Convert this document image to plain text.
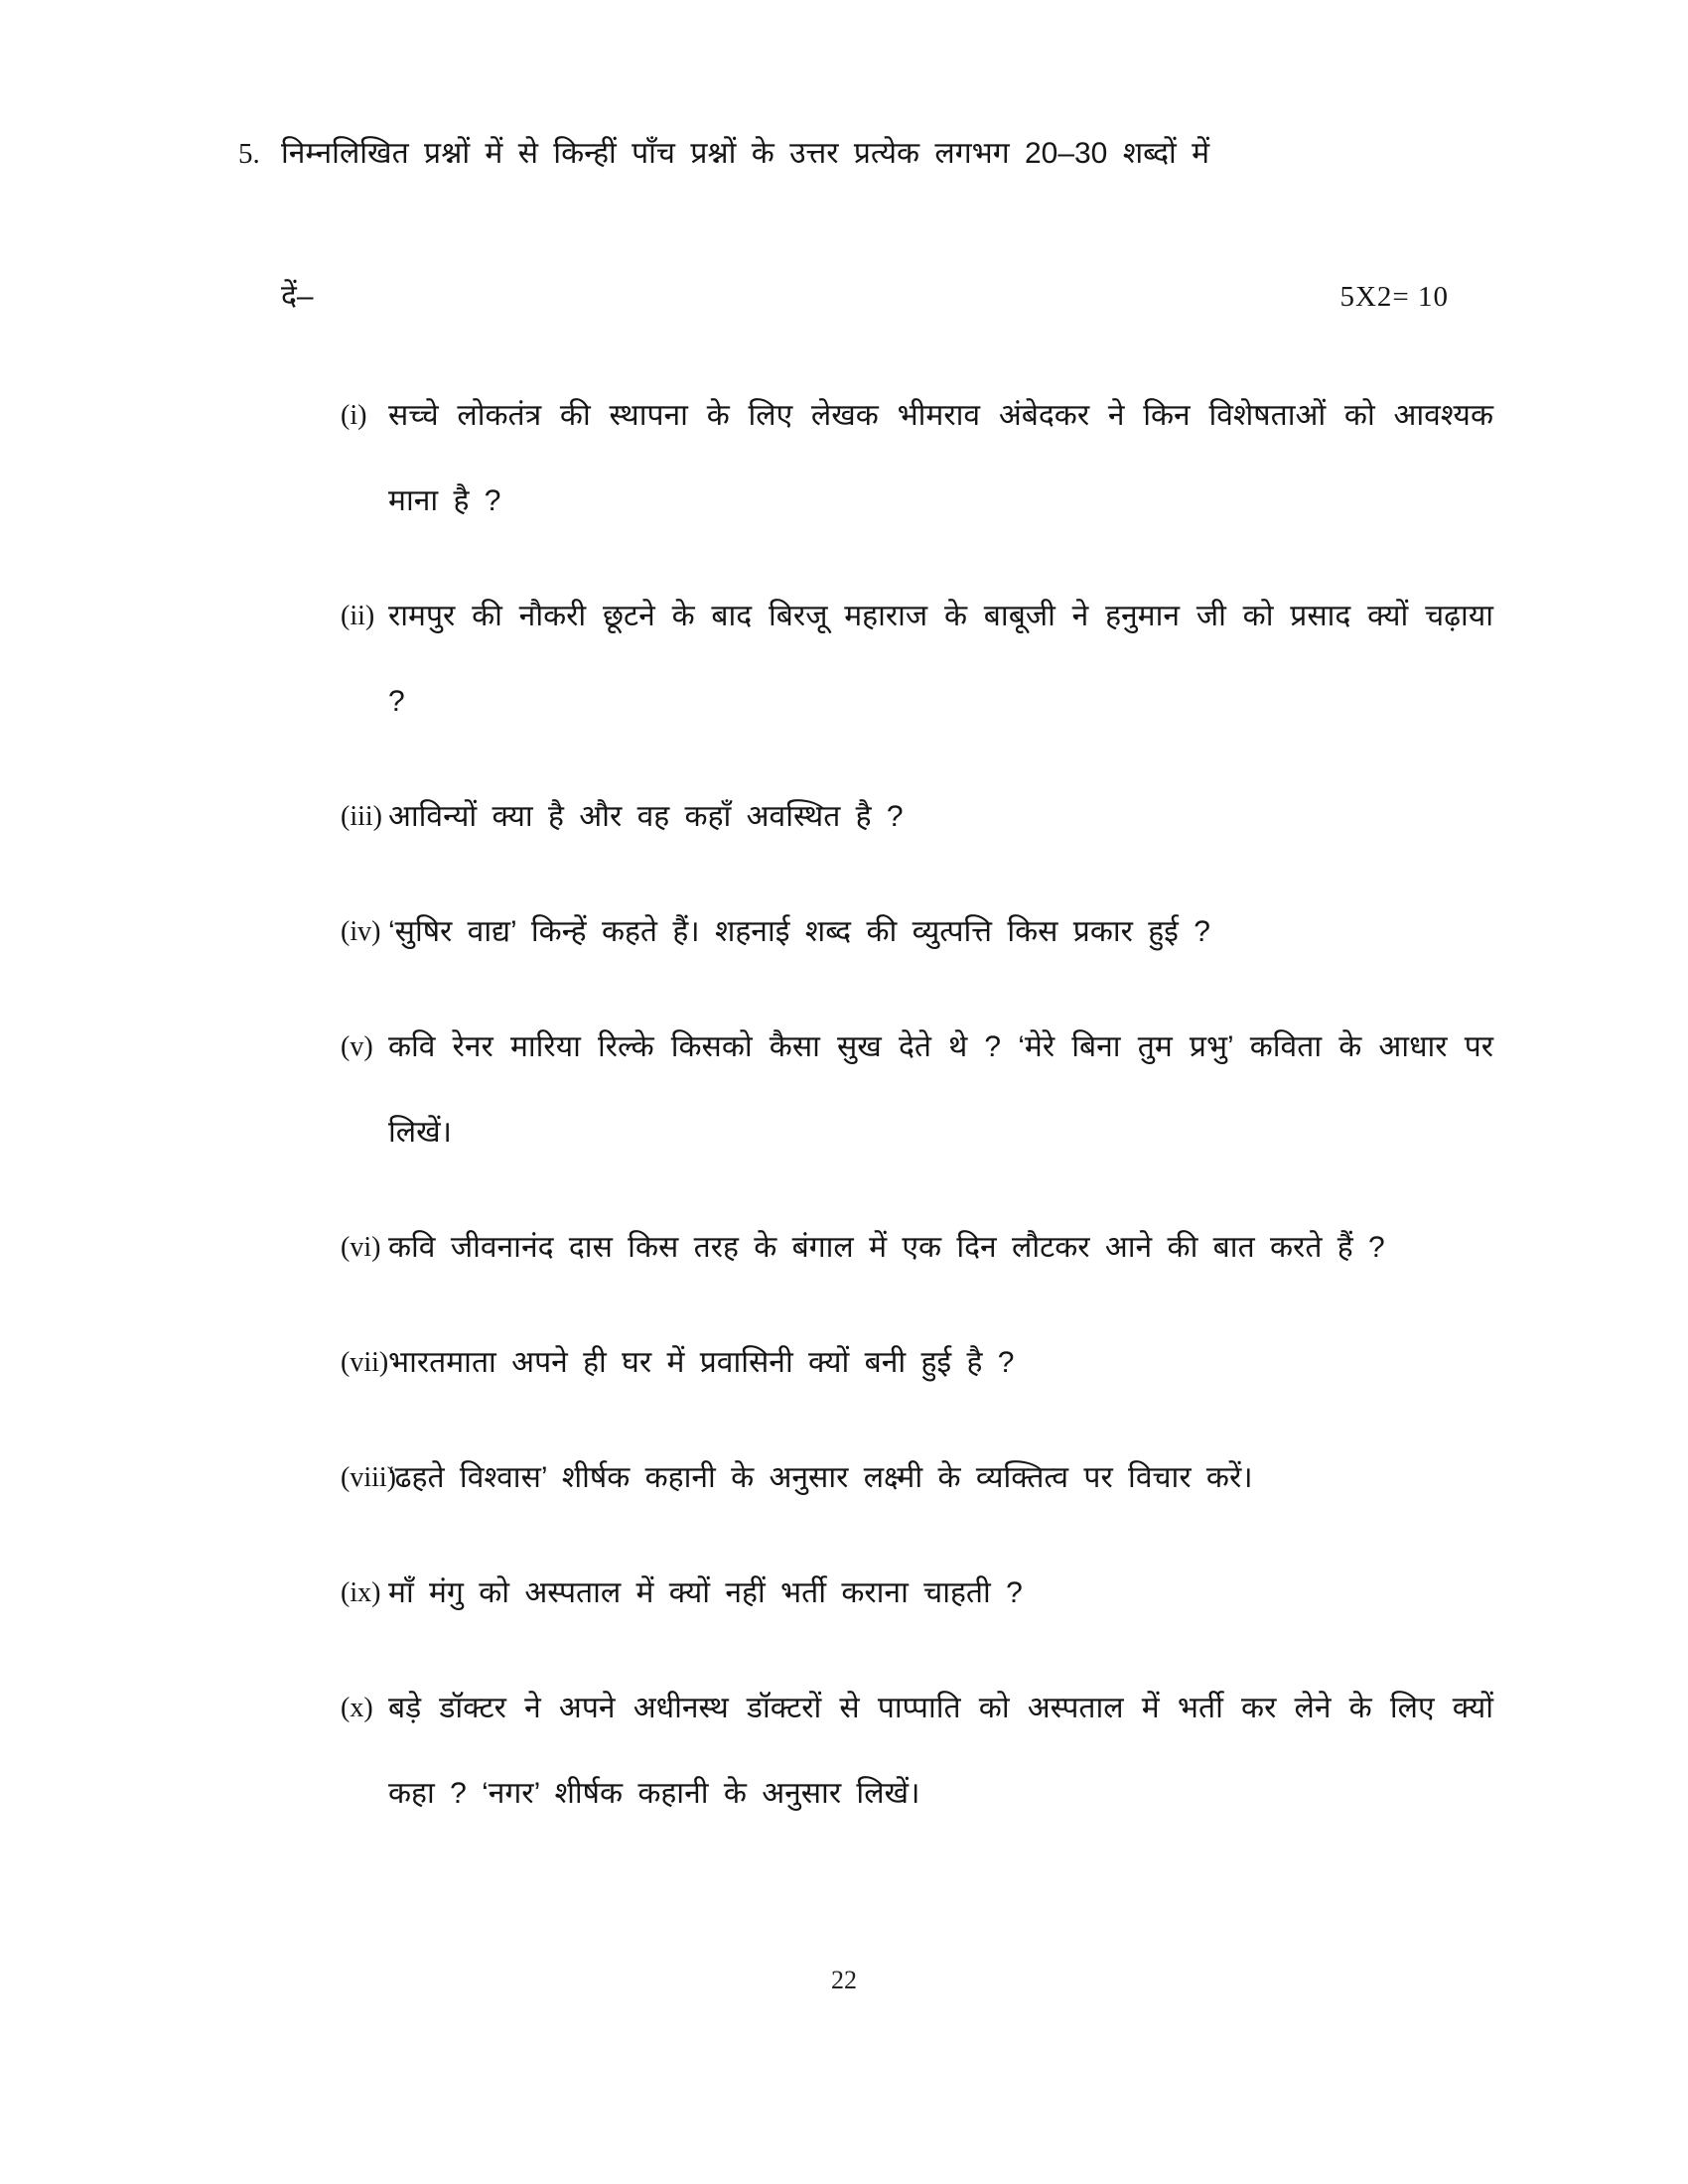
5. निम्नलिखित प्रश्नों में से किन्हीं पाँच प्रश्नों के उत्तर प्रत्येक लगभग 20–30 शब्दों में
दें–	5X2= 10
(i) सच्चे लोकतंत्र की स्थापना के लिए लेखक भीमराव अंबेदकर ने किन विशेषताओं को आवश्यक माना है ?
(ii) रामपुर की नौकरी छूटने के बाद बिरजू महाराज के बाबूजी ने हनुमान जी को प्रसाद क्यों चढ़ाया ?
(iii) आविन्यों क्या है और वह कहाँ अवस्थित है ?
(iv) ‘सुषिर वाद्य’ किन्हें कहते हैं। शहनाई शब्द की व्युत्पत्ति किस प्रकार हुई ?
(v) कवि रेनर मारिया रिल्के किसको कैसा सुख देते थे ? ‘मेरे बिना तुम प्रभु’ कविता के आधार पर लिखें।
(vi) कवि जीवनानंद दास किस तरह के बंगाल में एक दिन लौटकर आने की बात करते हैं ?
(vii) भारतमाता अपने ही घर में प्रवासिनी क्यों बनी हुई है ?
(viii)
‘ढहते विश्वास’ शीर्षक कहानी के अनुसार लक्ष्मी के व्यक्तित्व पर विचार करें।
(ix) माँ मंगु को अस्पताल में क्यों नहीं भर्ती कराना चाहती ?
(x) बड़े डॉक्टर ने अपने अधीनस्थ डॉक्टरों से पाप्पाति को अस्पताल में भर्ती कर लेने के लिए क्यों कहा ? ‘नगर’ शीर्षक कहानी के अनुसार लिखें।
22
